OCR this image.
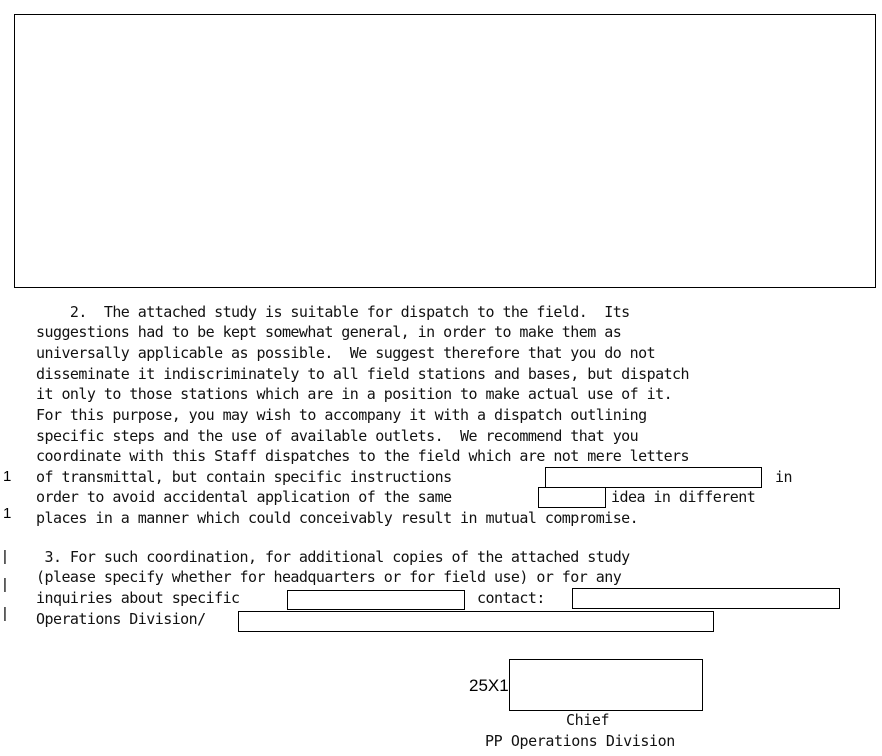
2.  The attached study is suitable for dispatch to the field.  Its
suggestions had to be kept somewhat general, in order to make them as
universally applicable as possible.  We suggest therefore that you do not
disseminate it indiscriminately to all field stations and bases, but dispatch
it only to those stations which are in a position to make actual use of it.
For this purpose, you may wish to accompany it with a dispatch outlining
specific steps and the use of available outlets.  We recommend that you
coordinate with this Staff dispatches to the field which are not mere letters
of transmittal, but contain specific instructions	in
order to avoid accidental application of the same	idea in different
places in a manner which could conceivably result in mutual compromise.
3. For such coordination, for additional copies of the attached study
(please specify whether for headquarters or for field use) or for any
inquiries about specific	contact:
Operations Division/
1
1
|
|
|
25X1
Chief
PP Operations Division
